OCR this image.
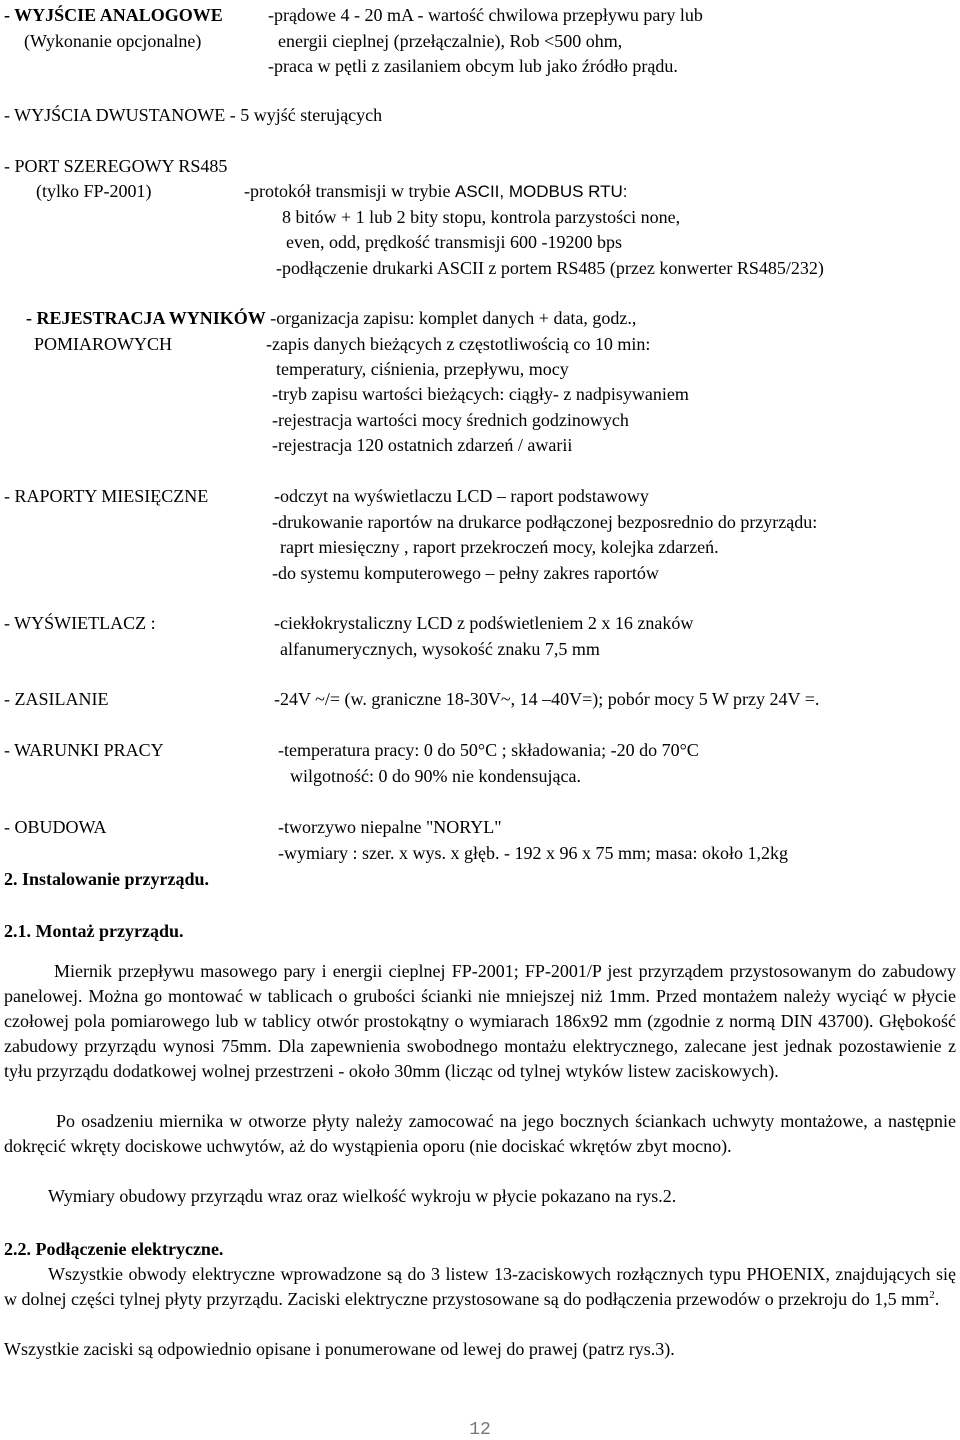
- WYJŚCIE ANALOGOWE	-prądowe 4 - 20 mA - wartość chwilowa przepływu pary lub
(Wykonanie opcjonalne)	energii cieplnej (przełączalnie), Rob <500 ohm,
-praca w pętli z zasilaniem obcym lub jako źródło prądu.
- WYJŚCIA DWUSTANOWE - 5 wyjść sterujących
- PORT SZEREGOWY RS485
(tylko FP-2001)	-protokół transmisji w trybie ASCII, MODBUS RTU:
8 bitów + 1 lub 2 bity stopu, kontrola parzystości none,
even, odd, prędkość transmisji 600 -19200 bps
-podłączenie drukarki ASCII z portem RS485 (przez konwerter RS485/232)
- REJESTRACJA WYNIKÓW -organizacja zapisu: komplet danych + data, godz.,
POMIAROWYCH	-zapis danych bieżących z częstotliwością co 10 min:
temperatury, ciśnienia, przepływu, mocy
-tryb zapisu wartości bieżących: ciągły- z nadpisywaniem
-rejestracja wartości mocy średnich godzinowych
-rejestracja 120 ostatnich zdarzeń / awarii
- RAPORTY MIESIĘCZNE	-odczyt na wyświetlaczu LCD – raport podstawowy
-drukowanie raportów na drukarce podłączonej bezposrednio do przyrządu:
raprt miesięczny , raport przekroczeń mocy, kolejka zdarzeń.
-do systemu komputerowego – pełny zakres raportów
- WYŚWIETLACZ :	-ciekłokrystaliczny LCD z podświetleniem 2 x 16 znaków
alfanumerycznych, wysokość znaku 7,5 mm
- ZASILANIE	-24V ~/= (w. graniczne 18-30V~, 14 –40V=); pobór mocy 5 W przy 24V =.
- WARUNKI PRACY	-temperatura pracy: 0 do 50°C ; składowania; -20 do 70°C
wilgotność: 0 do 90% nie kondensująca.
- OBUDOWA	-tworzywo niepalne "NORYL"
-wymiary : szer. x wys. x głęb. - 192 x 96 x 75 mm; masa: około 1,2kg
2. Instalowanie przyrządu.
2.1. Montaż przyrządu.
Miernik przepływu masowego pary i energii cieplnej FP-2001; FP-2001/P jest przyrządem przystosowanym do zabudowy panelowej. Można go montować w tablicach o grubości ścianki nie mniejszej niż 1mm. Przed montażem należy wyciąć w płycie czołowej pola pomiarowego lub w tablicy otwór prostokątny o wymiarach 186x92 mm (zgodnie z normą DIN 43700). Głębokość zabudowy przyrządu wynosi 75mm. Dla zapewnienia swobodnego montażu elektrycznego, zalecane jest jednak pozostawienie z tyłu przyrządu dodatkowej wolnej przestrzeni - około 30mm (licząc od tylnej wtyków listew zaciskowych).
Po osadzeniu miernika w otworze płyty należy zamocować na jego bocznych ściankach uchwyty montażowe, a następnie dokręcić wkręty dociskowe uchwytów, aż do wystąpienia oporu (nie dociskać wkrętów zbyt mocno).
Wymiary obudowy przyrządu wraz oraz wielkość wykroju w płycie pokazano na rys.2.
2.2. Podłączenie elektryczne.
Wszystkie obwody elektryczne wprowadzone są do 3 listew 13-zaciskowych rozłącznych typu PHOENIX, znajdujących się w dolnej części tylnej płyty przyrządu. Zaciski elektryczne przystosowane są do podłączenia przewodów o przekroju do 1,5 $mm^2$.
Wszystkie zaciski są odpowiednio opisane i ponumerowane od lewej do prawej (patrz rys.3).
12
